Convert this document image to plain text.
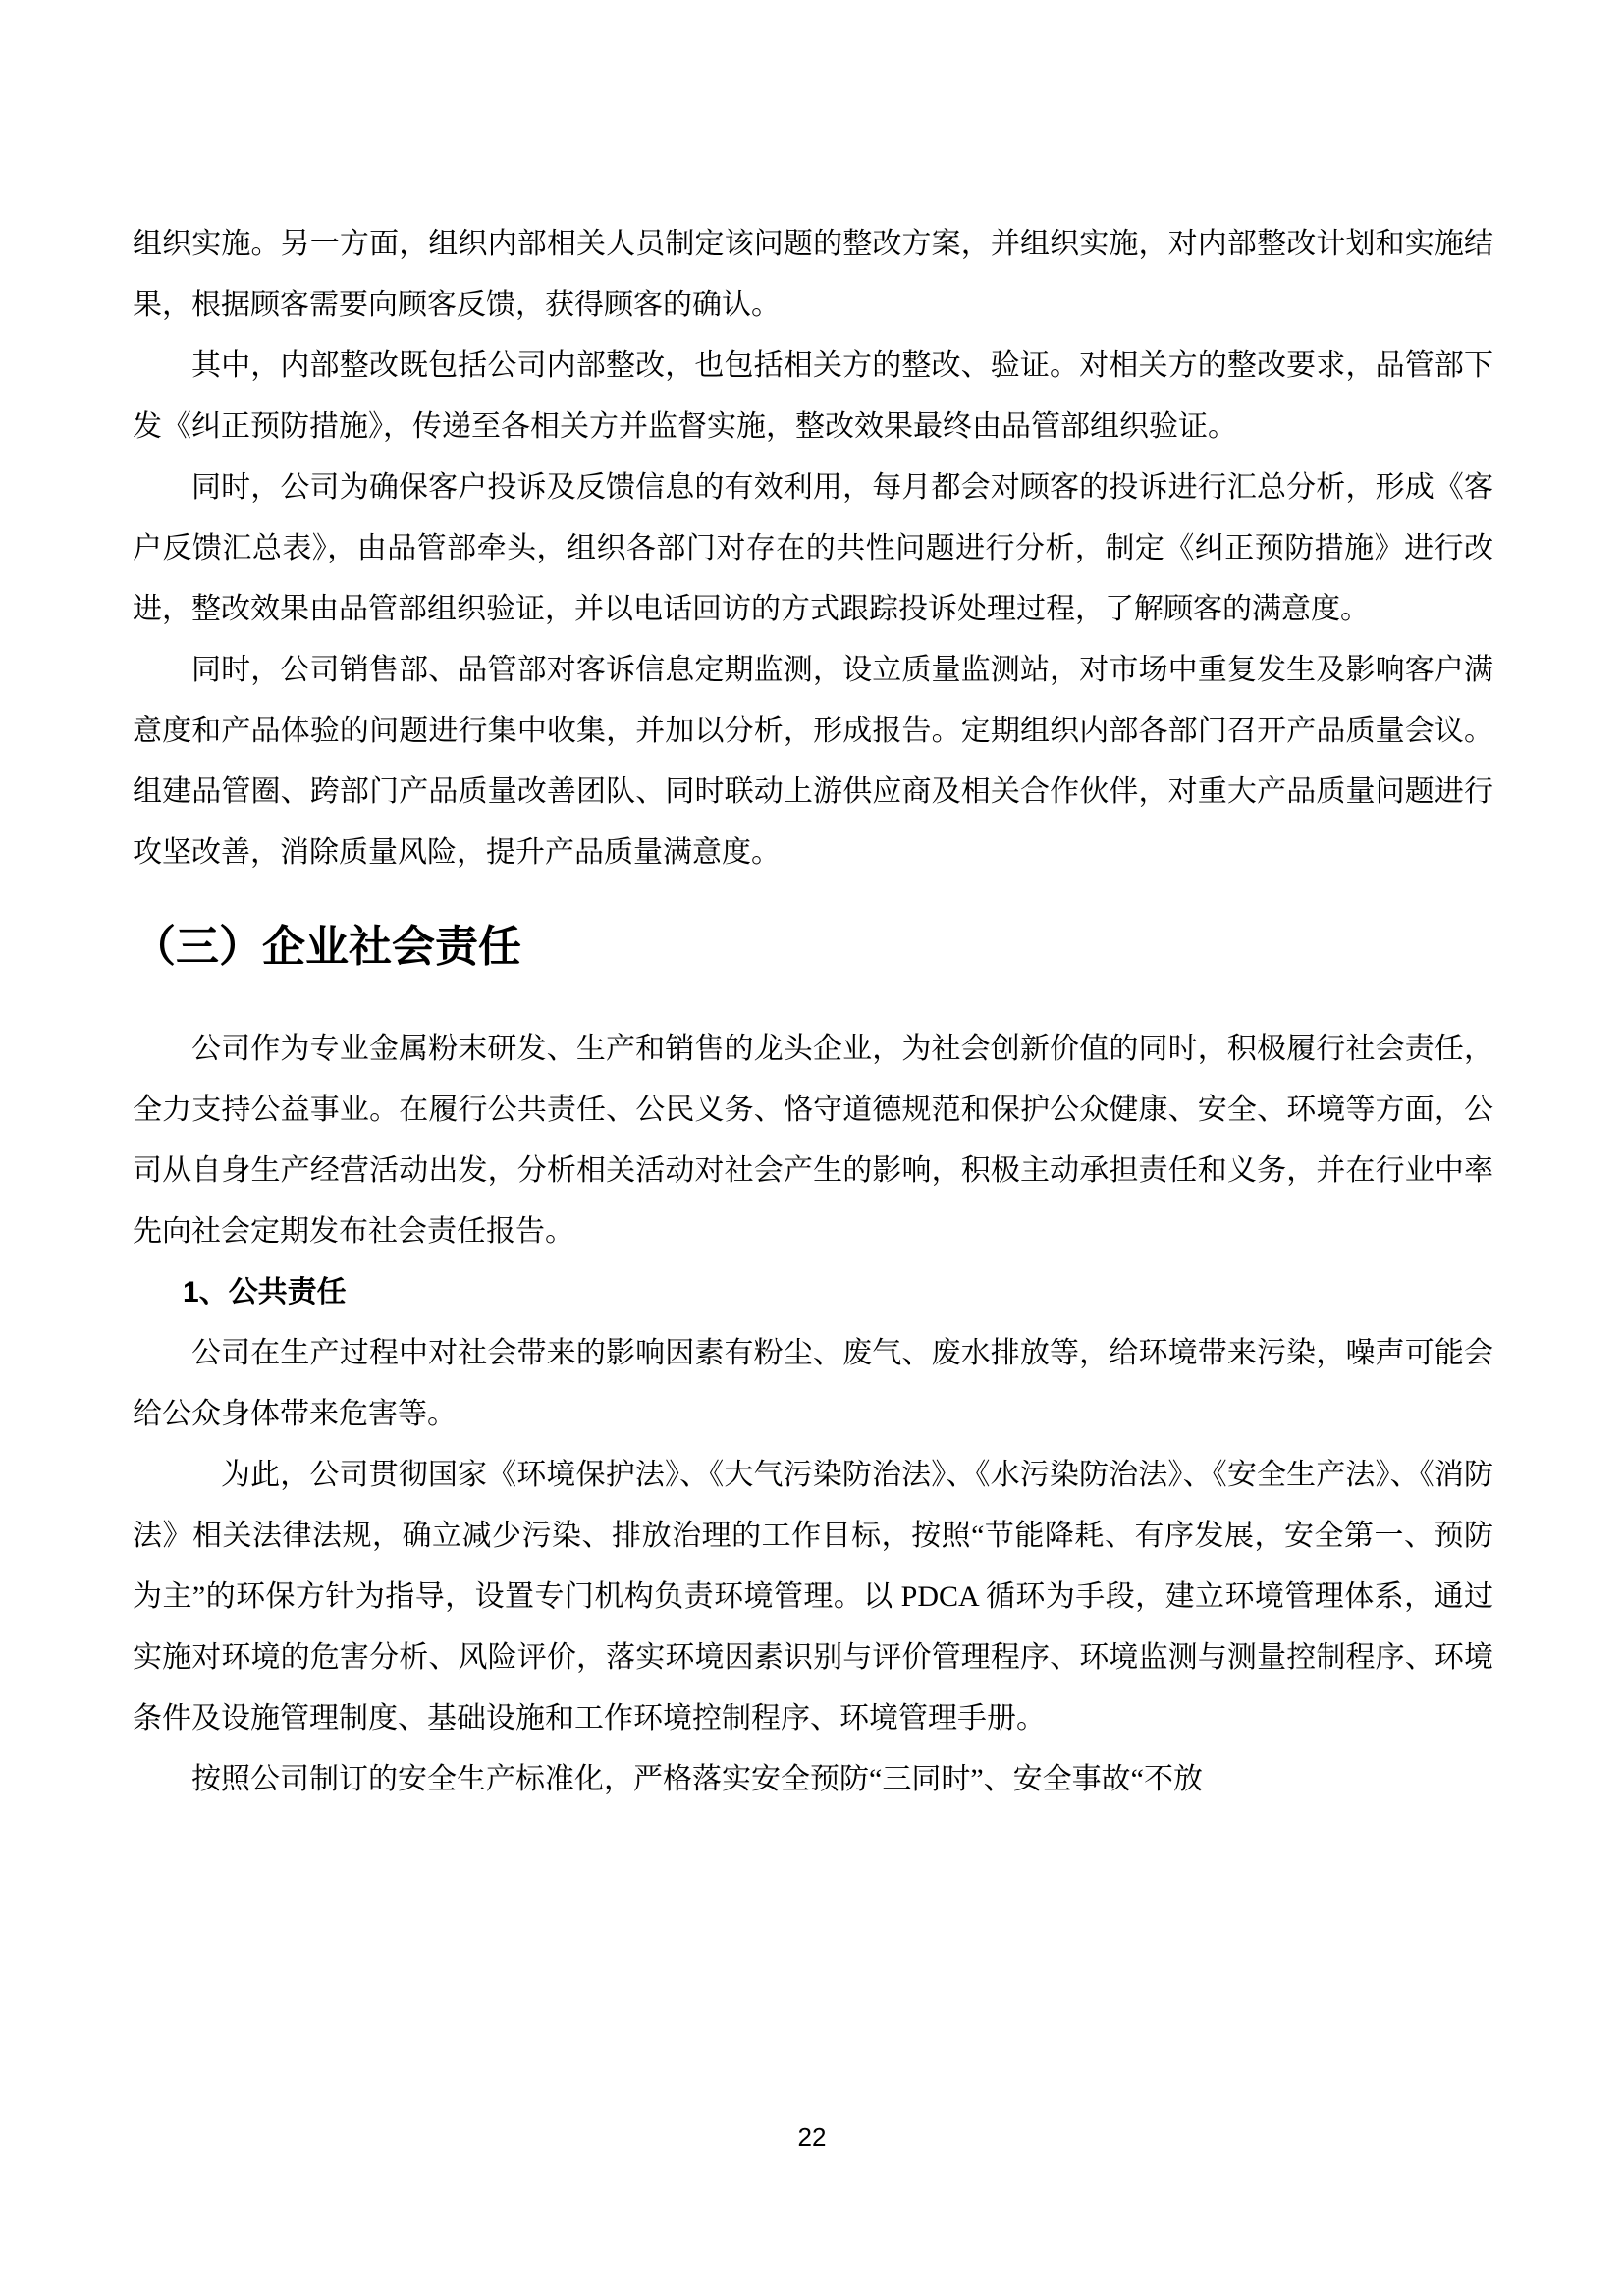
组织实施。另一方面，组织内部相关人员制定该问题的整改方案，并组织实施，对内部整改计划和实施结果，根据顾客需要向顾客反馈，获得顾客的确认。

其中，内部整改既包括公司内部整改，也包括相关方的整改、验证。对相关方的整改要求，品管部下发《纠正预防措施》，传递至各相关方并监督实施，整改效果最终由品管部组织验证。

同时，公司为确保客户投诉及反馈信息的有效利用，每月都会对顾客的投诉进行汇总分析，形成《客户反馈汇总表》，由品管部牵头，组织各部门对存在的共性问题进行分析，制定《纠正预防措施》进行改进，整改效果由品管部组织验证，并以电话回访的方式跟踪投诉处理过程，了解顾客的满意度。

同时，公司销售部、品管部对客诉信息定期监测，设立质量监测站，对市场中重复发生及影响客户满意度和产品体验的问题进行集中收集，并加以分析，形成报告。定期组织内部各部门召开产品质量会议。组建品管圈、跨部门产品质量改善团队、同时联动上游供应商及相关合作伙伴，对重大产品质量问题进行攻坚改善，消除质量风险，提升产品质量满意度。

（三）企业社会责任

公司作为专业金属粉末研发、生产和销售的龙头企业，为社会创新价值的同时，积极履行社会责任，全力支持公益事业。在履行公共责任、公民义务、恪守道德规范和保护公众健康、安全、环境等方面，公司从自身生产经营活动出发，分析相关活动对社会产生的影响，积极主动承担责任和义务，并在行业中率先向社会定期发布社会责任报告。

1、公共责任

公司在生产过程中对社会带来的影响因素有粉尘、废气、废水排放等，给环境带来污染，噪声可能会给公众身体带来危害等。

为此，公司贯彻国家《环境保护法》、《大气污染防治法》、《水污染防治法》、《安全生产法》、《消防法》相关法律法规，确立减少污染、排放治理的工作目标，按照“节能降耗、有序发展，安全第一、预防为主”的环保方针为指导，设置专门机构负责环境管理。以 PDCA 循环为手段，建立环境管理体系，通过实施对环境的危害分析、风险评价，落实环境因素识别与评价管理程序、环境监测与测量控制程序、环境条件及设施管理制度、基础设施和工作环境控制程序、环境管理手册。

按照公司制订的安全生产标准化，严格落实安全预防“三同时”、安全事故“不放

22
